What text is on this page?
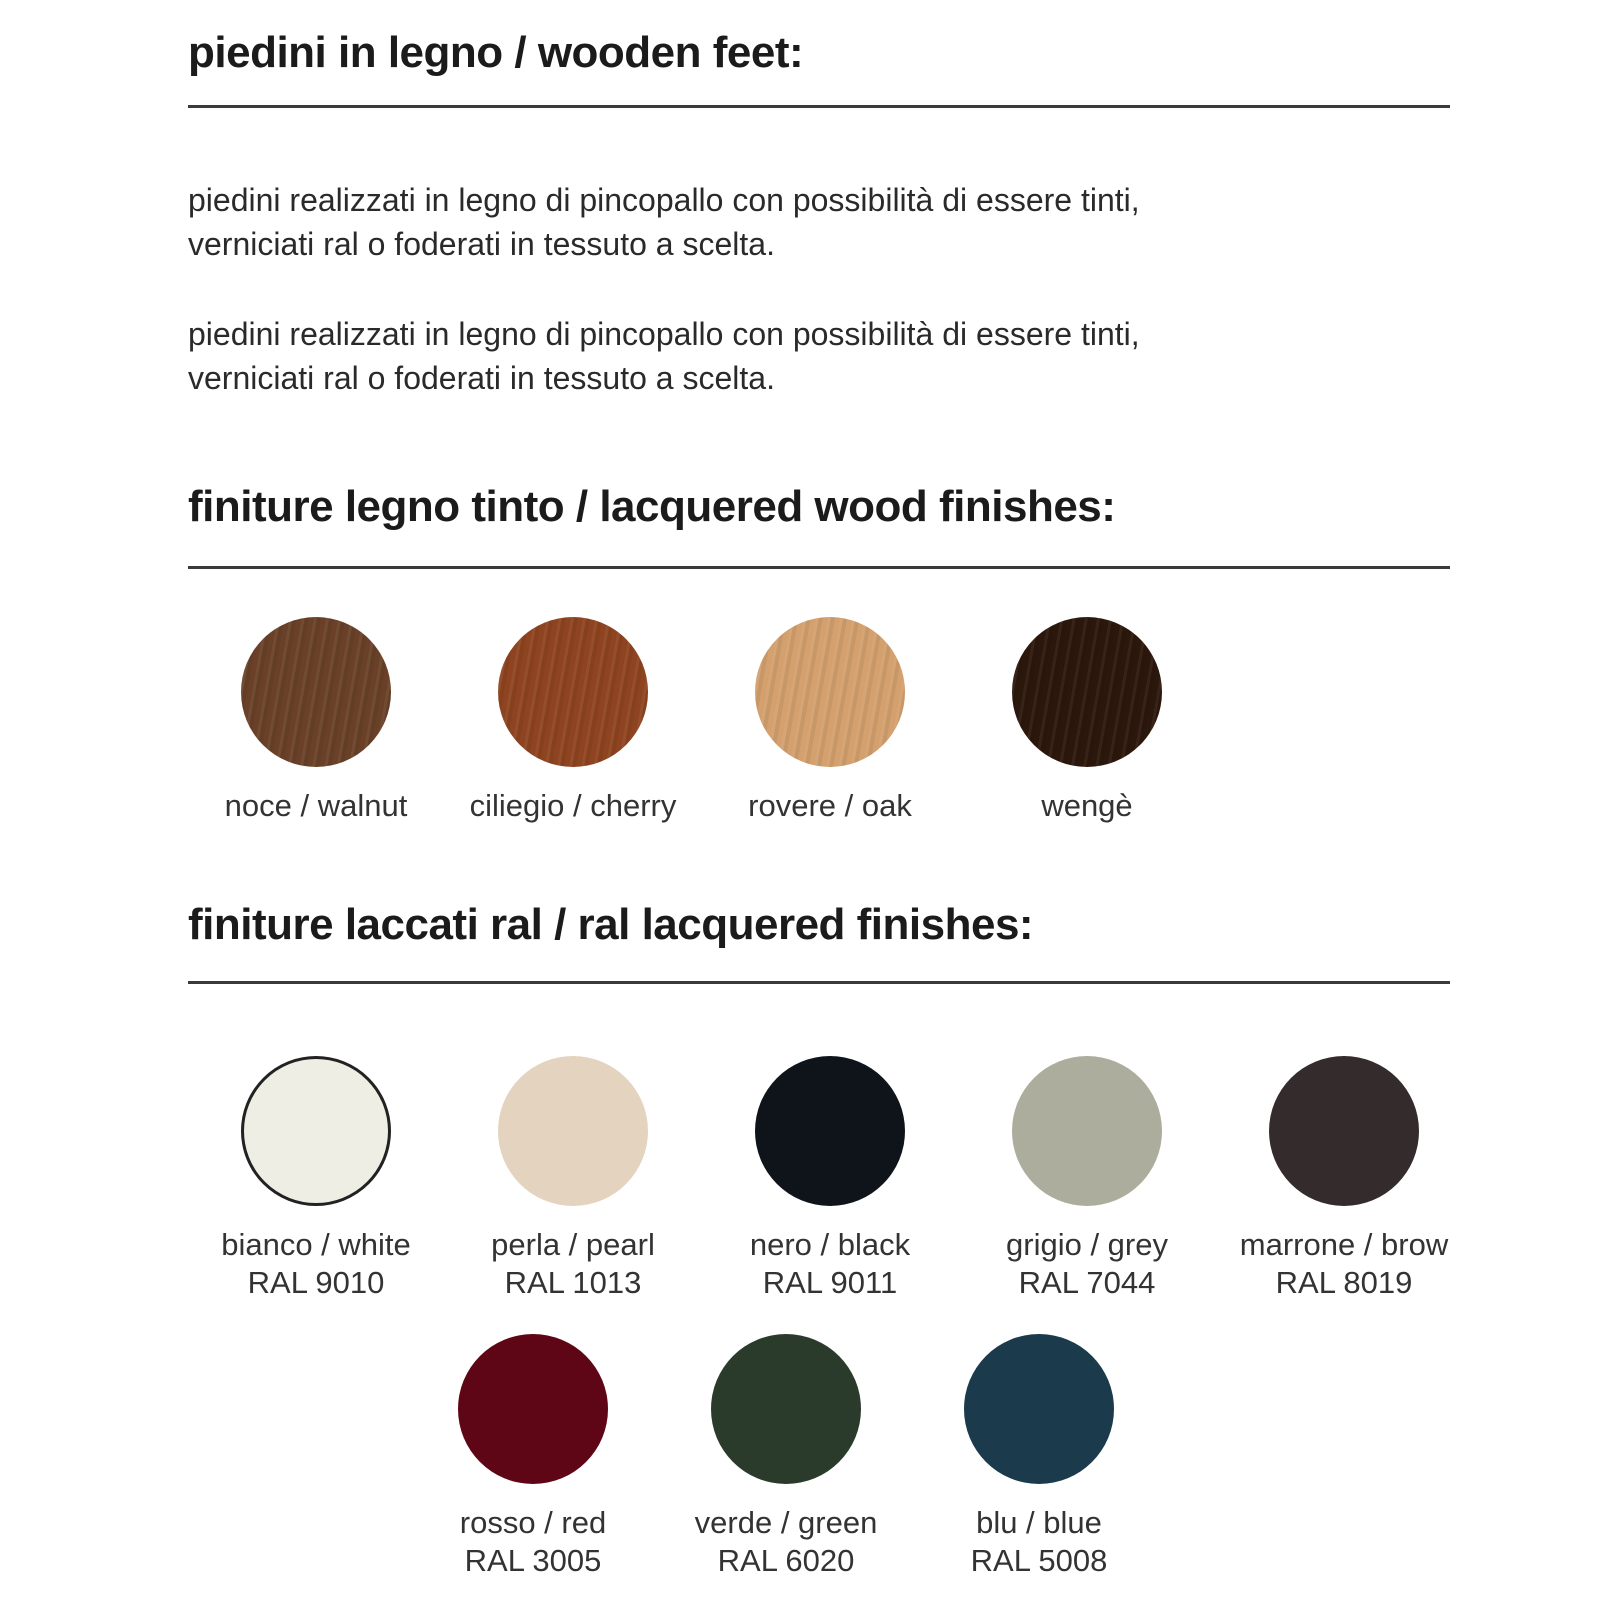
piedini in legno / wooden feet:

piedini realizzati in legno di pincopallo con possibilità di essere tinti,
verniciati ral o foderati in tessuto a scelta.

piedini realizzati in legno di pincopallo con possibilità di essere tinti,
verniciati ral o foderati in tessuto a scelta.

finiture legno tinto / lacquered wood finishes:
noce / walnut	ciliegio / cherry	rovere / oak	wengè
finiture laccati ral / ral lacquered finishes:
bianco / white
RAL 9010
perla / pearl
RAL 1013
nero / black
RAL 9011
grigio / grey
RAL 7044
marrone / brow
RAL 8019
rosso / red
RAL 3005
verde / green
RAL 6020
blu / blue
RAL 5008
